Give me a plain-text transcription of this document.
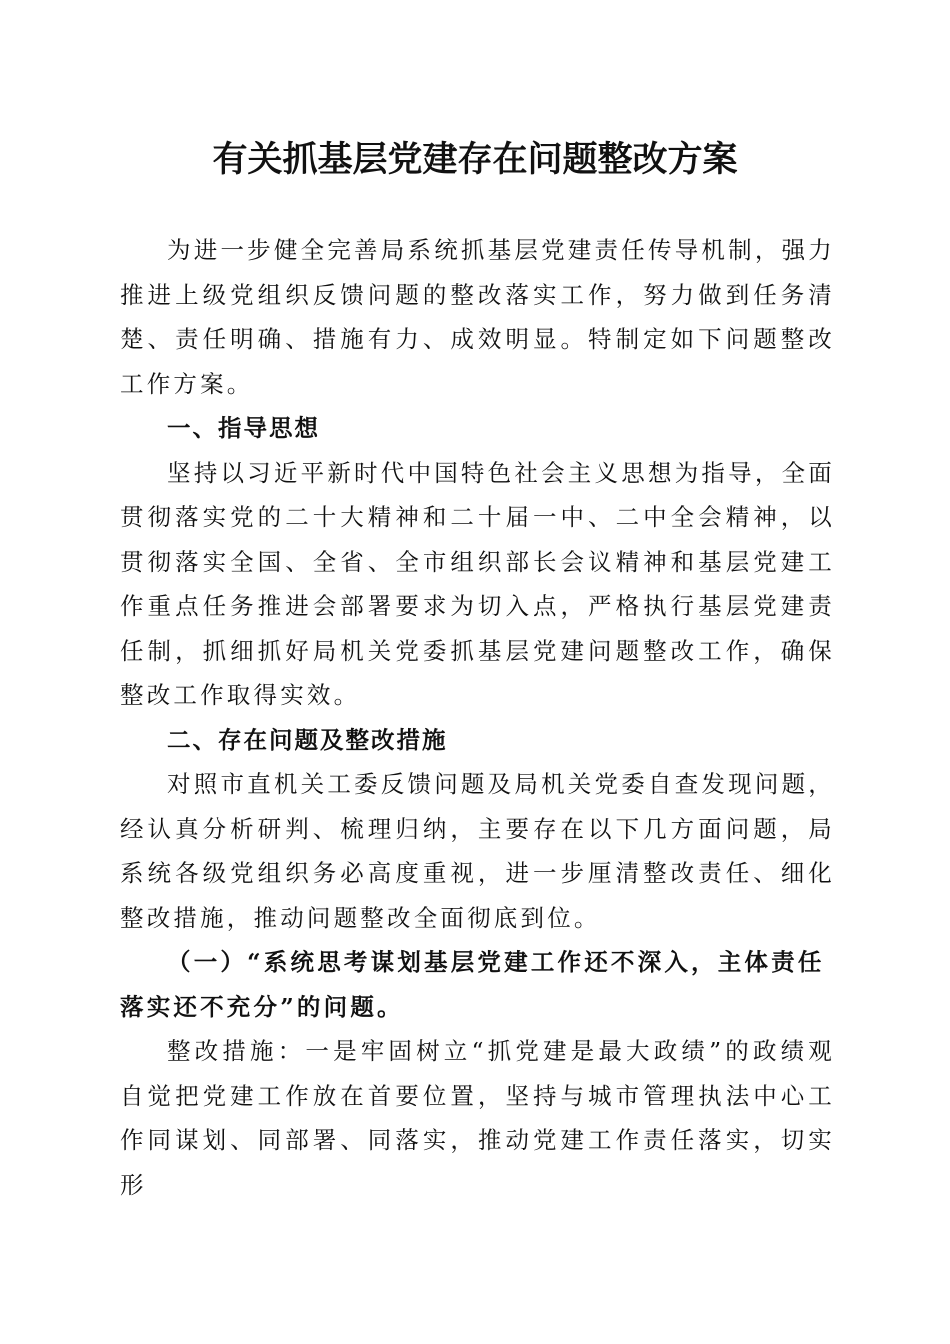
有关抓基层党建存在问题整改方案

为进一步健全完善局系统抓基层党建责任传导机制，强力推进上级党组织反馈问题的整改落实工作，努力做到任务清楚、责任明确、措施有力、成效明显。特制定如下问题整改工作方案。

一、指导思想

坚持以习近平新时代中国特色社会主义思想为指导，全面贯彻落实党的二十大精神和二十届一中、二中全会精神，以贯彻落实全国、全省、全市组织部长会议精神和基层党建工作重点任务推进会部署要求为切入点，严格执行基层党建责任制，抓细抓好局机关党委抓基层党建问题整改工作，确保整改工作取得实效。

二、存在问题及整改措施

对照市直机关工委反馈问题及局机关党委自查发现问题，经认真分析研判、梳理归纳，主要存在以下几方面问题，局系统各级党组织务必高度重视，进一步厘清整改责任、细化整改措施，推动问题整改全面彻底到位。

（一）“系统思考谋划基层党建工作还不深入，主体责任落实还不充分”的问题。

整改措施：一是牢固树立“抓党建是最大政绩”的政绩观自觉把党建工作放在首要位置，坚持与城市管理执法中心工作同谋划、同部署、同落实，推动党建工作责任落实，切实形
